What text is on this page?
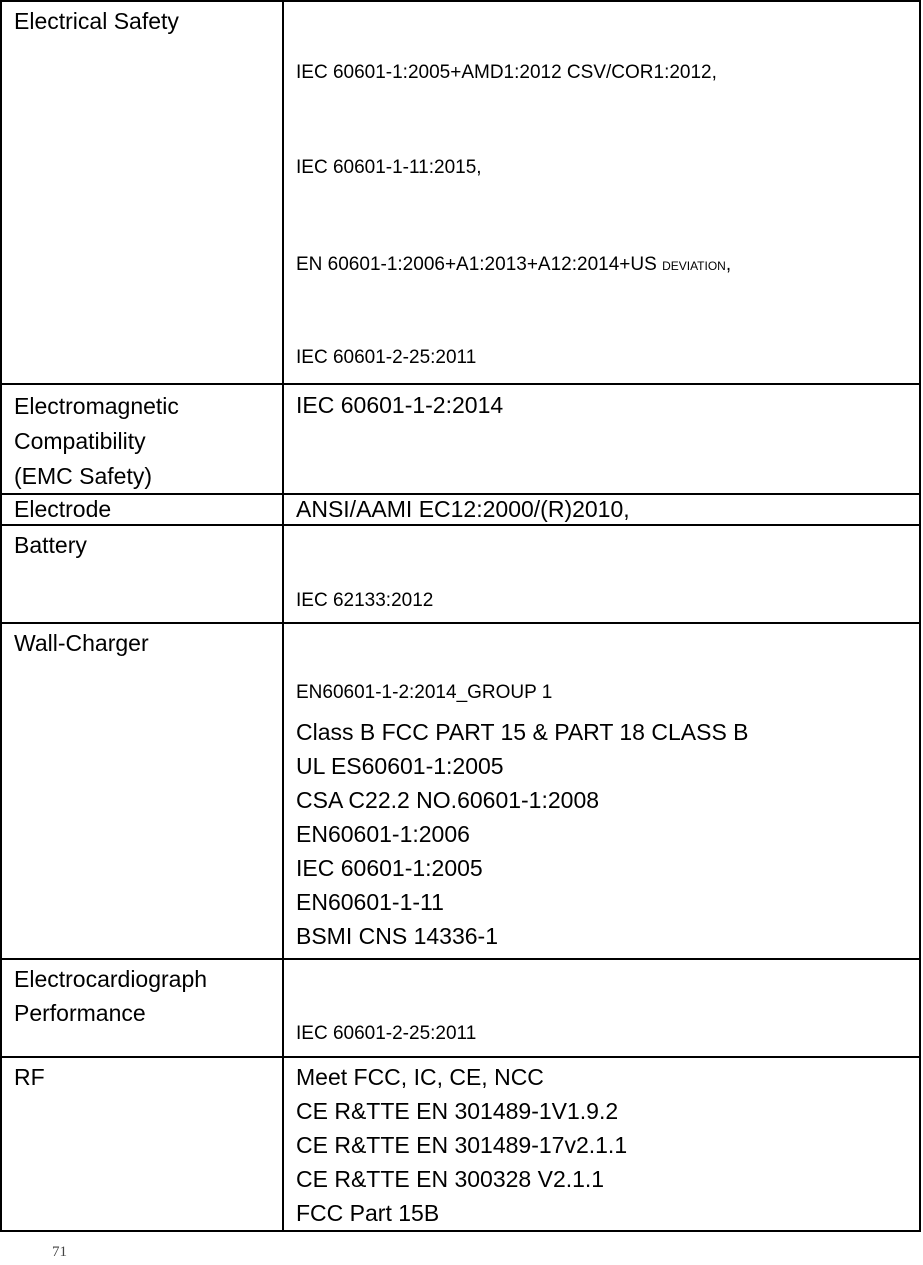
Electrical Safety
IEC 60601-1:2005+AMD1:2012 CSV/COR1:2012,
IEC 60601-1-11:2015,
EN 60601-1:2006+A1:2013+A12:2014+US DEVIATION,
IEC 60601-2-25:2011
Electromagnetic
Compatibility
(EMC Safety)
IEC 60601-1-2:2014
Electrode	ANSI/AAMI EC12:2000/(R)2010,
Battery
IEC 62133:2012
Wall-Charger
EN60601-1-2:2014_GROUP 1
Class B FCC PART 15 & PART 18 CLASS B
UL ES60601-1:2005
CSA C22.2 NO.60601-1:2008
EN60601-1:2006
IEC 60601-1:2005
EN60601-1-11
BSMI CNS 14336-1
Electrocardiograph
Performance
IEC 60601-2-25:2011
RF	Meet FCC, IC, CE, NCC
CE R&TTE EN 301489-1V1.9.2
CE R&TTE EN 301489-17v2.1.1
CE R&TTE EN 300328 V2.1.1
FCC Part 15B
71
